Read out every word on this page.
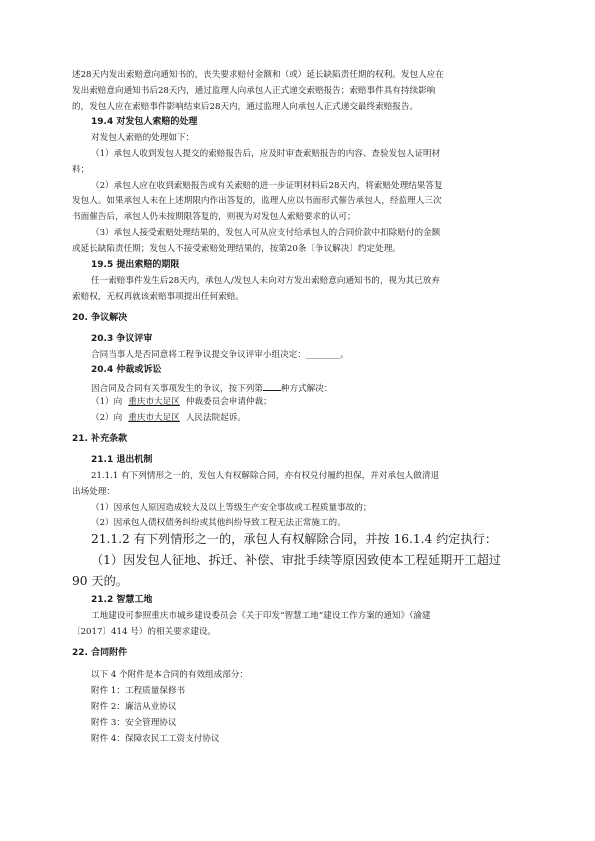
述28天内发出索赔意向通知书的，丧失要求赔付金额和（或）延长缺陷责任期的权利。发包人应在
发出索赔意向通知书后28天内，通过监理人向承包人正式递交索赔报告；索赔事件具有持续影响
的，发包人应在索赔事件影响结束后28天内，通过监理人向承包人正式递交最终索赔报告。
19.4 对发包人索赔的处理
对发包人索赔的处理如下：
（1）承包人收到发包人提交的索赔报告后，应及时审查索赔报告的内容、查验发包人证明材
料；
（2）承包人应在收到索赔报告或有关索赔的进一步证明材料后28天内，将索赔处理结果答复
发包人。如果承包人未在上述期限内作出答复的，监理人应以书面形式催告承包人，经监理人三次
书面催告后，承包人仍未按期限答复的，则视为对发包人索赔要求的认可；
（3）承包人接受索赔处理结果的，发包人可从应支付给承包人的合同价款中扣除赔付的金额
或延长缺陷责任期；发包人不接受索赔处理结果的，按第20条〔争议解决〕约定处理。
19.5 提出索赔的期限
任一索赔事件发生后28天内，承包人/发包人未向对方发出索赔意向通知书的，视为其已放弃
索赔权，无权再就该索赔事项提出任何索赔。
20. 争议解决
20.3 争议评审
合同当事人是否同意将工程争议提交争议评审小组决定：________。
20.4 仲裁或诉讼
因合同及合同有关事项发生的争议，按下列第 种方式解决：
（1）向 重庆市大足区 仲裁委员会申请仲裁；
（2）向 重庆市大足区 人民法院起诉。
21. 补充条款
21.1 退出机制
21.1.1 有下列情形之一的，发包人有权解除合同，亦有权兑付履约担保，并对承包人做清退
出场处理：
（1）因承包人原因造成较大及以上等级生产安全事故或工程质量事故的；
（2）因承包人债权债务纠纷或其他纠纷导致工程无法正常施工的。
21.1.2 有下列情形之一的，承包人有权解除合同，并按 16.1.4 约定执行：
（1）因发包人征地、拆迁、补偿、审批手续等原因致使本工程延期开工超过
90 天的。
21.2 智慧工地
工地建设可参照重庆市城乡建设委员会《关于印发“智慧工地”建设工作方案的通知》（渝建
〔2017〕414 号）的相关要求建设。
22. 合同附件
以下 4 个附件是本合同的有效组成部分：
附件 1：工程质量保修书
附件 2：廉洁从业协议
附件 3：安全管理协议
附件 4：保障农民工工资支付协议
